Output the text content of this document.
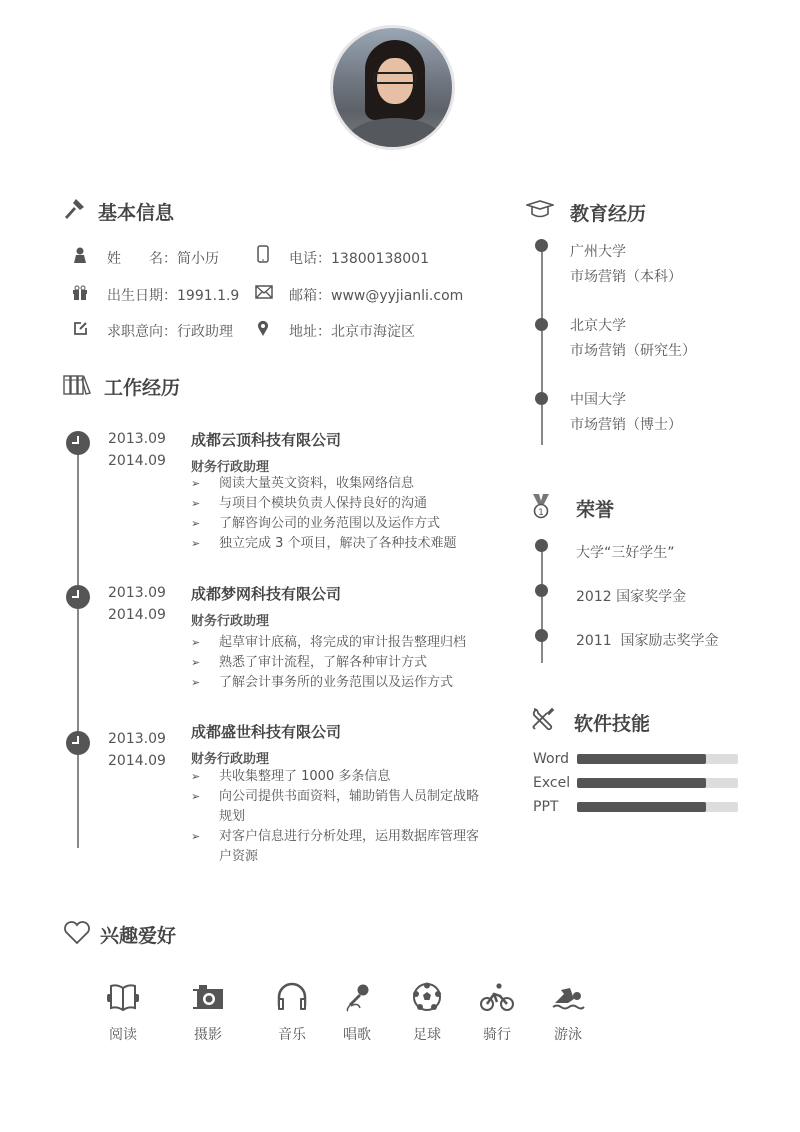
基本信息
姓　　名：简小历	电话：13800138001
出生日期：1991.1.9	邮箱：www@yyjianli.com
求职意向：行政助理	地址：北京市海淀区
工作经历
2013.09
2014.09
成都云顶科技有限公司
财务行政助理
➢ 阅读大量英文资料，收集网络信息
➢ 与项目个模块负责人保持良好的沟通
➢ 了解咨询公司的业务范围以及运作方式
➢ 独立完成 3 个项目，解决了各种技术难题
2013.09
2014.09
成都梦网科技有限公司
财务行政助理
➢ 起草审计底稿，将完成的审计报告整理归档
➢ 熟悉了审计流程，了解各种审计方式
➢ 了解会计事务所的业务范围以及运作方式
2013.09
2014.09
成都盛世科技有限公司
财务行政助理
➢ 共收集整理了 1000 多条信息
➢ 向公司提供书面资料，辅助销售人员制定战略规划
➢ 对客户信息进行分析处理，运用数据库管理客户资源
教育经历
广州大学
市场营销（本科）
北京大学
市场营销（研究生）
中国大学
市场营销（博士）
1 荣誉
大学“三好学生”
2012 国家奖学金
2011  国家励志奖学金
软件技能
Word
Excel
PPT
兴趣爱好
阅读	摄影	音乐	唱歌	足球	骑行	游泳
